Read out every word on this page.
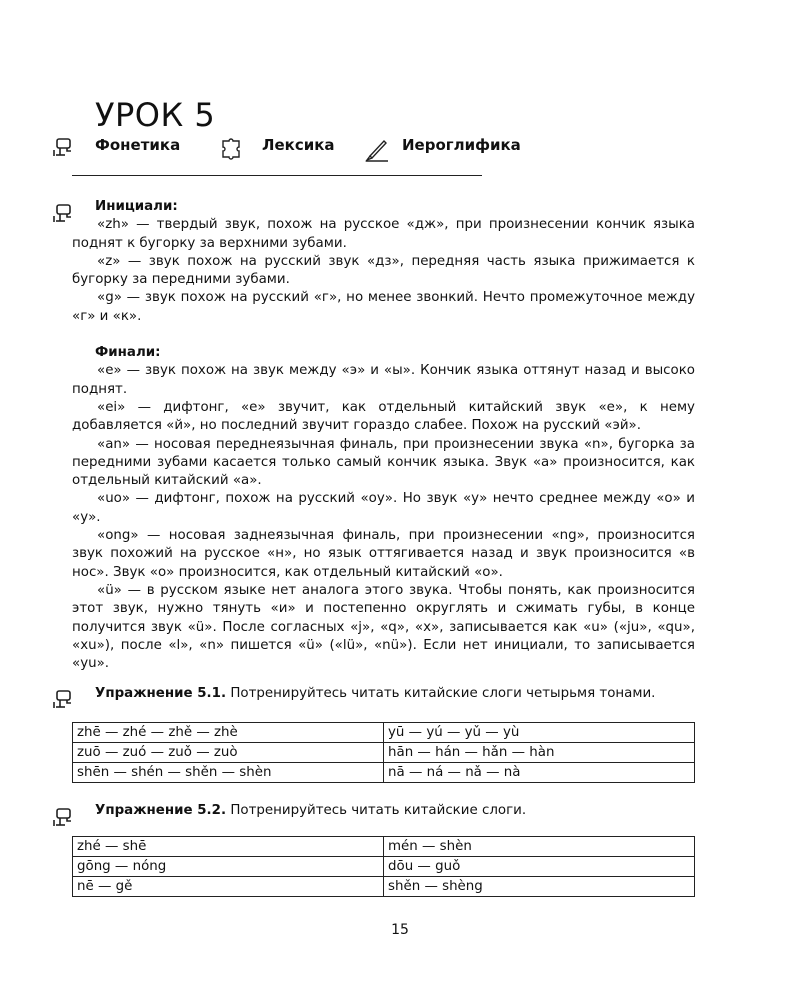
УРОК 5
Фонетика	Лексика	Иероглифика

Инициали:

«zh» — твердый звук, похож на русское «дж», при произнесении кончик языка поднят к бугорку за верхними зубами.

«z» — звук похож на русский звук «дз», передняя часть языка прижимается к бугорку за передними зубами.

«g» — звук похож на русский «г», но менее звонкий. Нечто промежуточное между «г» и «к».

Финали:

«e» — звук похож на звук между «э» и «ы». Кончик языка оттянут назад и высоко поднят.

«ei» — дифтонг, «e» звучит, как отдельный китайский звук «e», к нему добавляется «й», но последний звучит гораздо слабее. Похож на русский «эй».

«an» — носовая переднеязычная финаль, при произнесении звука «n», бугорка за передними зубами касается только самый кончик языка. Звук «а» произносится, как отдельный китайский «а».

«uo» — дифтонг, похож на русский «оу». Но звук «у» нечто среднее между «о» и «у».

«ong» — носовая заднеязычная финаль, при произнесении «ng», произносится звук похожий на русское «н», но язык оттягивается назад и звук произносится «в нос». Звук «о» произносится, как отдельный китайский «о».

«ü» — в русском языке нет аналога этого звука. Чтобы понять, как произносится этот звук, нужно тянуть «и» и постепенно округлять и сжимать губы, в конце получится звук «ü». После согласных «j», «q», «x», записывается как «u» («ju», «qu», «xu»), после «l», «n» пишется «ü» («lü», «nü»). Если нет инициали, то записывается «yu».

Упражнение 5.1. Потренируйтесь читать китайские слоги четырьмя тонами.
zhē — zhé — zhě — zhè	yū — yú — yǔ — yù
zuō — zuó — zuǒ — zuò	hān — hán — hǎn — hàn
shēn — shén — shěn — shèn	nā — ná — nǎ — nà
Упражнение 5.2. Потренируйтесь читать китайские слоги.
zhé — shē	mén — shèn
gōng — nóng	dōu — guǒ
nē — gě	shěn — shèng
15
